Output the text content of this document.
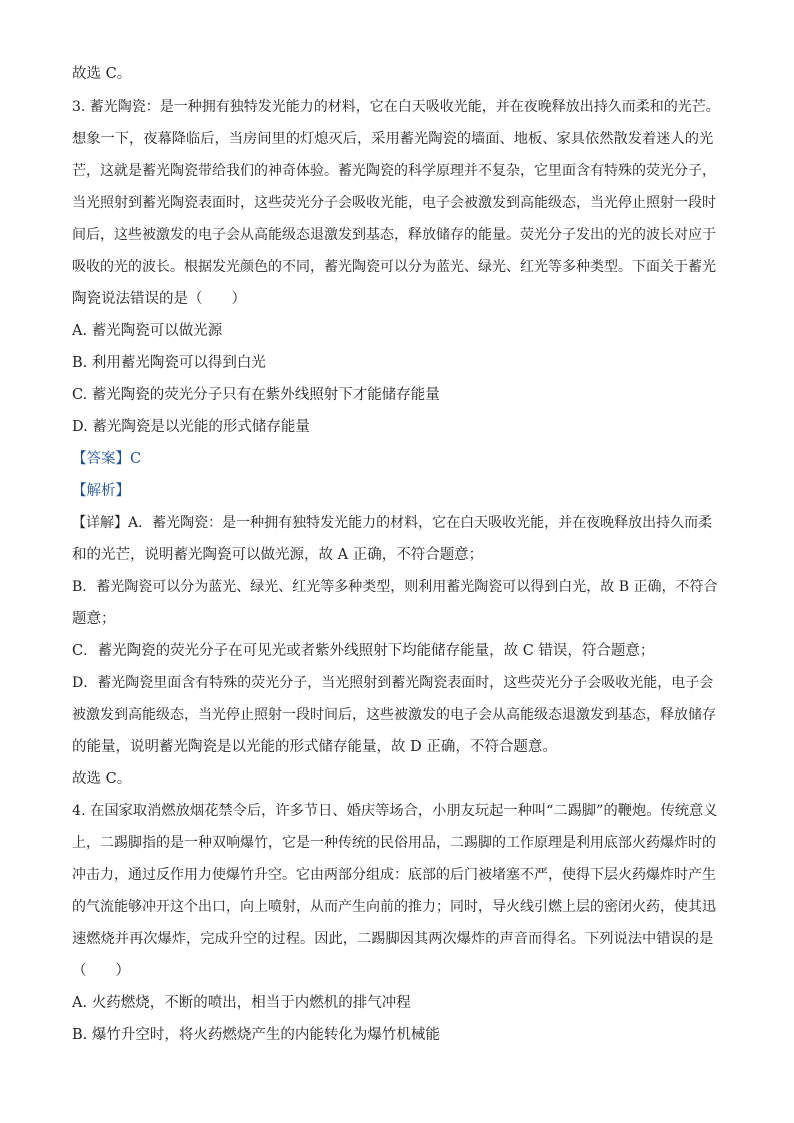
故选 C。
3. 蓄光陶瓷：是一种拥有独特发光能力的材料，它在白天吸收光能，并在夜晚释放出持久而柔和的光芒。
想象一下，夜幕降临后，当房间里的灯熄灭后，采用蓄光陶瓷的墙面、地板、家具依然散发着迷人的光
芒，这就是蓄光陶瓷带给我们的神奇体验。蓄光陶瓷的科学原理并不复杂，它里面含有特殊的荧光分子，
当光照射到蓄光陶瓷表面时，这些荧光分子会吸收光能，电子会被激发到高能级态，当光停止照射一段时
间后，这些被激发的电子会从高能级态退激发到基态，释放储存的能量。荧光分子发出的光的波长对应于
吸收的光的波长。根据发光颜色的不同，蓄光陶瓷可以分为蓝光、绿光、红光等多种类型。下面关于蓄光
陶瓷说法错误的是（　　）
A. 蓄光陶瓷可以做光源
B. 利用蓄光陶瓷可以得到白光
C. 蓄光陶瓷的荧光分子只有在紫外线照射下才能储存能量
D. 蓄光陶瓷是以光能的形式储存能量
【答案】C
【解析】
【详解】A．蓄光陶瓷：是一种拥有独特发光能力的材料，它在白天吸收光能，并在夜晚释放出持久而柔
和的光芒，说明蓄光陶瓷可以做光源，故 A 正确，不符合题意；
B．蓄光陶瓷可以分为蓝光、绿光、红光等多种类型，则利用蓄光陶瓷可以得到白光，故 B 正确，不符合
题意；
C．蓄光陶瓷的荧光分子在可见光或者紫外线照射下均能储存能量，故 C 错误，符合题意；
D．蓄光陶瓷里面含有特殊的荧光分子，当光照射到蓄光陶瓷表面时，这些荧光分子会吸收光能，电子会
被激发到高能级态，当光停止照射一段时间后，这些被激发的电子会从高能级态退激发到基态，释放储存
的能量，说明蓄光陶瓷是以光能的形式储存能量，故 D 正确，不符合题意。
故选 C。
4. 在国家取消燃放烟花禁令后，许多节日、婚庆等场合，小朋友玩起一种叫“二踢脚”的鞭炮。传统意义
上，二踢脚指的是一种双响爆竹，它是一种传统的民俗用品，二踢脚的工作原理是利用底部火药爆炸时的
冲击力，通过反作用力使爆竹升空。它由两部分组成：底部的后门被堵塞不严，使得下层火药爆炸时产生
的气流能够冲开这个出口，向上喷射，从而产生向前的推力；同时，导火线引燃上层的密闭火药，使其迅
速燃烧并再次爆炸，完成升空的过程。因此，二踢脚因其两次爆炸的声音而得名。下列说法中错误的是
（　　）
A. 火药燃烧，不断的喷出，相当于内燃机的排气冲程
B. 爆竹升空时，将火药燃烧产生的内能转化为爆竹机械能
